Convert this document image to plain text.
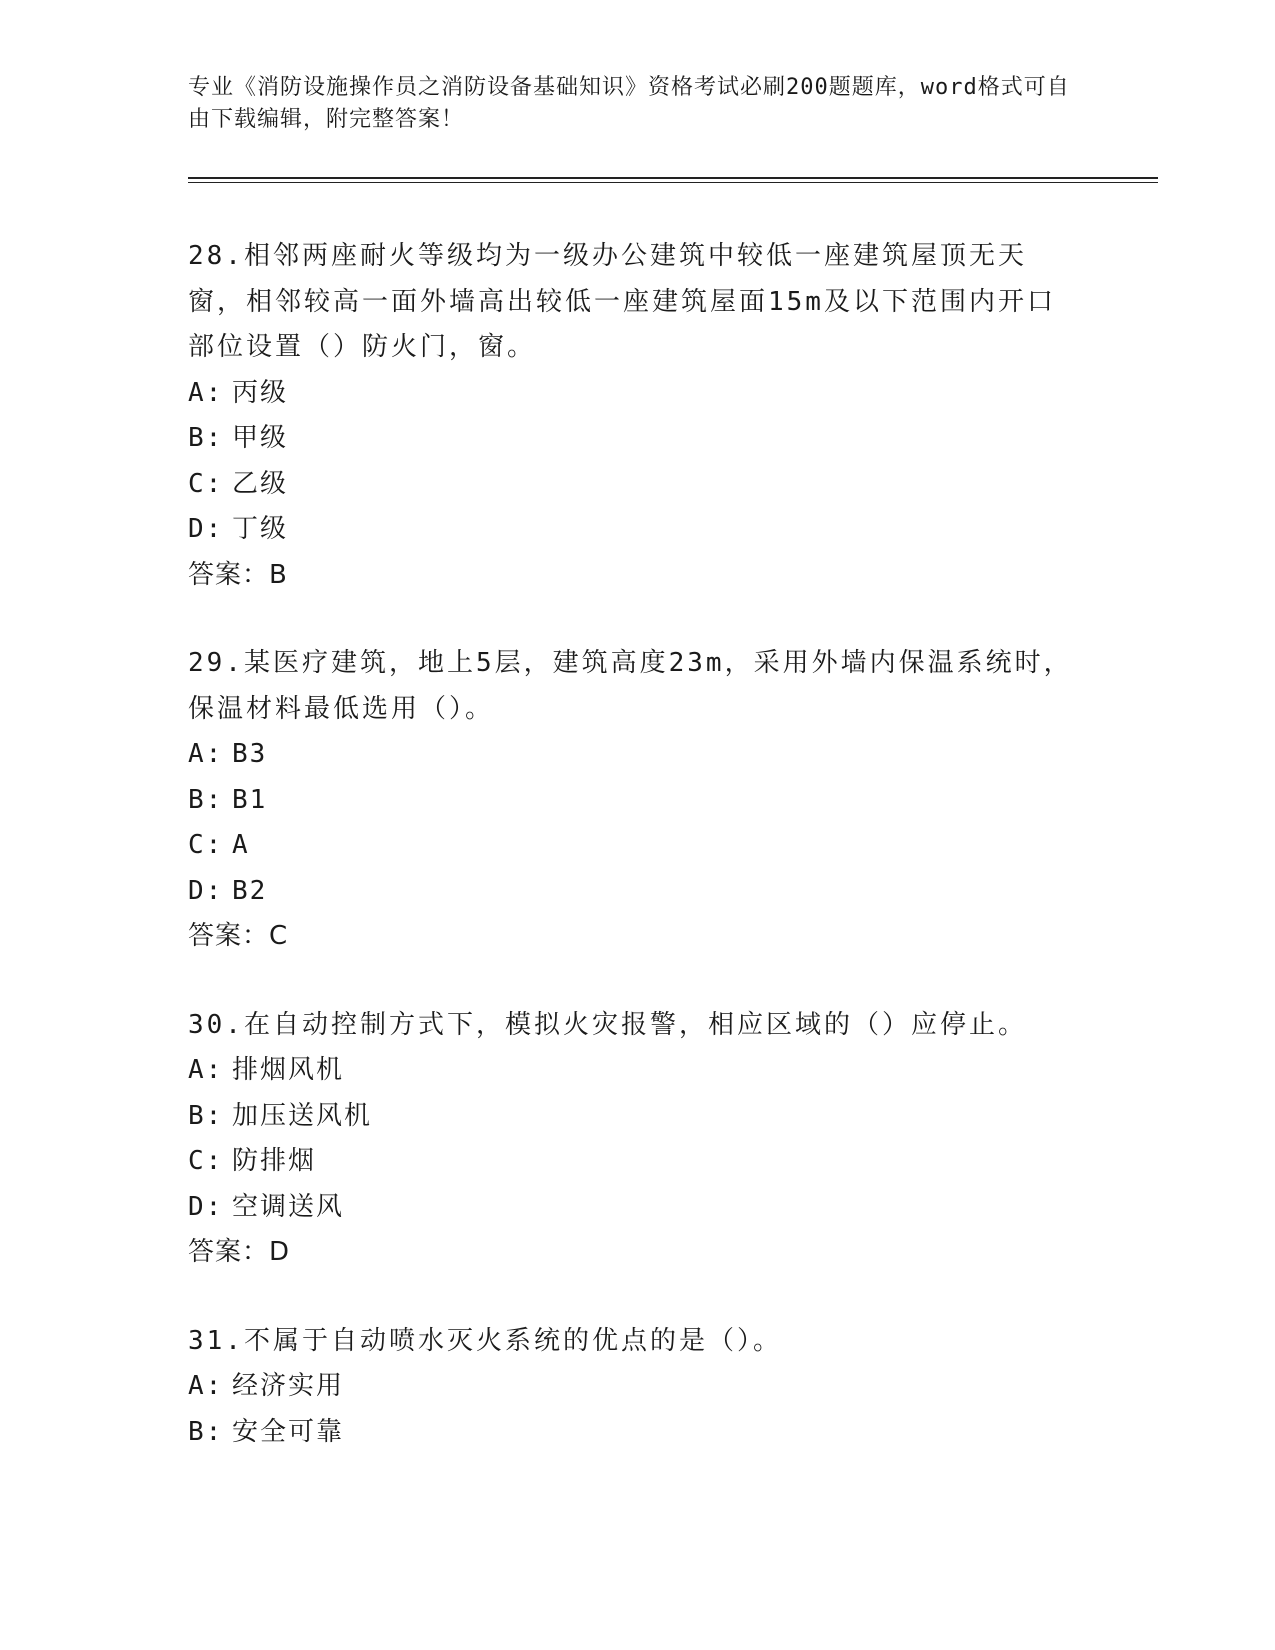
专业《消防设施操作员之消防设备基础知识》资格考试必刷200题题库，word格式可自由下载编辑，附完整答案！
28.相邻两座耐火等级均为一级办公建筑中较低一座建筑屋顶无天窗，相邻较高一面外墙高出较低一座建筑屋面15m及以下范围内开口部位设置（）防火门，窗。
A: 丙级
B: 甲级
C: 乙级
D: 丁级
答案：B
29.某医疗建筑，地上5层，建筑高度23m，采用外墙内保温系统时，保温材料最低选用（）。
A: B3
B: B1
C: A
D: B2
答案：C
30.在自动控制方式下，模拟火灾报警，相应区域的（）应停止。
A: 排烟风机
B: 加压送风机
C: 防排烟
D: 空调送风
答案：D
31.不属于自动喷水灭火系统的优点的是（）。
A: 经济实用
B: 安全可靠
